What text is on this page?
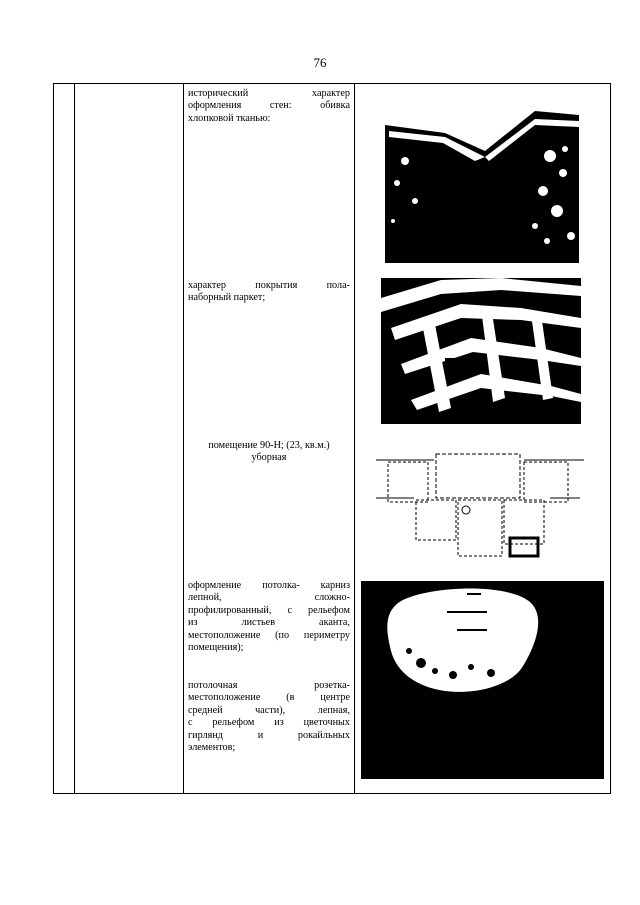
76
исторический характер
оформления стен: обивка
хлопковой тканью:
характер покрытия пола-
наборный паркет;
помещение 90-Н; (23, кв.м.)
уборная
оформление потолка- карниз
лепной, сложно-
профилированный, с рельефом
из листьев аканта,
местоположение (по периметру
помещения);
потолочная розетка-
местоположение (в центре
средней части), лепная,
с рельефом из цветочных
гирлянд и рокайльных
элементов;
